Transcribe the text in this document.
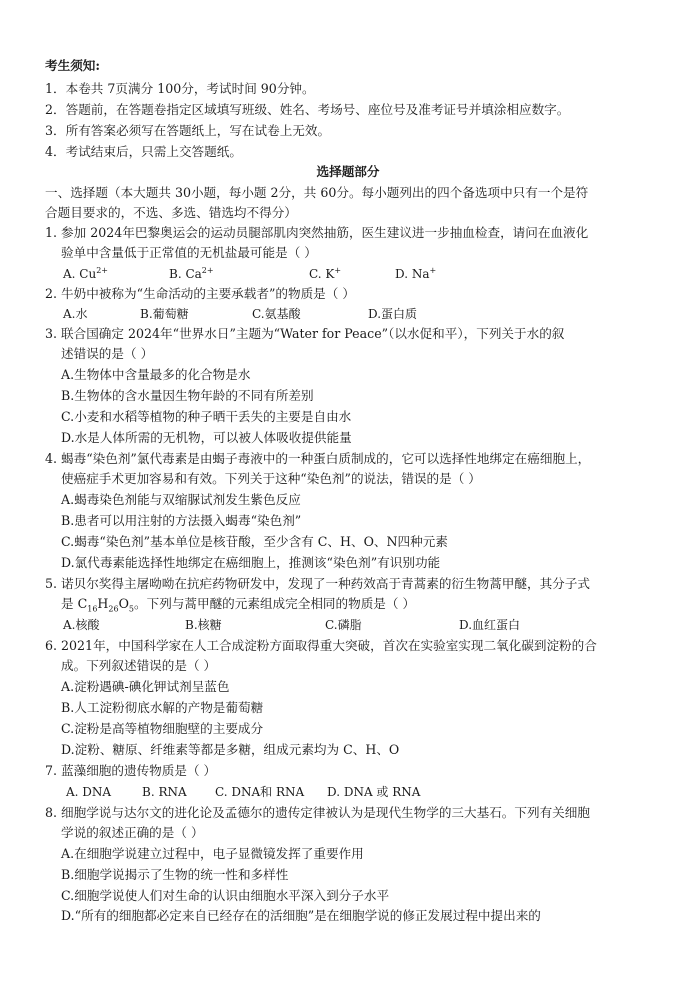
考生须知:
1．本卷共 7页满分 100分，考试时间 90分钟。
2．答题前，在答题卷指定区域填写班级、姓名、考场号、座位号及准考证号并填涂相应数字。
3．所有答案必须写在答题纸上，写在试卷上无效。
4．考试结束后，只需上交答题纸。
选择题部分
一、选择题（本大题共 30小题，每小题 2分，共 60分。每小题列出的四个备选项中只有一个是符
合题目要求的，不选、多选、错选均不得分）
1. 参加 2024年巴黎奥运会的运动员腿部肌肉突然抽筋，医生建议进一步抽血检查，请问在血液化
验单中含量低于正常值的无机盐最可能是（ ）
A. $Cu^{2+}$	B. $Ca^{2+}$	C. K+	D. Na+
2. 牛奶中被称为“生命活动的主要承载者”的物质是（ ）
A.水	B.葡萄糖	C.氨基酸	D.蛋白质
3. 联合国确定 2024年“世界水日”主题为“Water for Peace”（以水促和平），下列关于水的叙
述错误的是（ ）
A.生物体中含量最多的化合物是水
B.生物体的含水量因生物年龄的不同有所差别
C.小麦和水稻等植物的种子晒干丢失的主要是自由水
D.水是人体所需的无机物，可以被人体吸收提供能量
4. 蝎毒“染色剂”氯代毒素是由蝎子毒液中的一种蛋白质制成的，它可以选择性地绑定在癌细胞上，
使癌症手术更加容易和有效。下列关于这种“染色剂”的说法，错误的是（ ）
A.蝎毒染色剂能与双缩脲试剂发生紫色反应
B.患者可以用注射的方法摄入蝎毒“染色剂”
C.蝎毒“染色剂”基本单位是核苷酸，至少含有 C、H、O、N四种元素
D.氯代毒素能选择性地绑定在癌细胞上，推测该“染色剂”有识别功能
5. 诺贝尔奖得主屠呦呦在抗疟药物研发中，发现了一种药效高于青蒿素的衍生物蒿甲醚，其分子式
是 $C_{16}H_{26}O_5$。下列与蒿甲醚的元素组成完全相同的物质是（ ）
A.核酸	B.核糖	C.磷脂	D.血红蛋白
6. 2021年，中国科学家在人工合成淀粉方面取得重大突破，首次在实验室实现二氧化碳到淀粉的合
成。下列叙述错误的是（ ）
A.淀粉遇碘-碘化钾试剂呈蓝色
B.人工淀粉彻底水解的产物是葡萄糖
C.淀粉是高等植物细胞壁的主要成分
D.淀粉、糖原、纤维素等都是多糖，组成元素均为 C、H、O
7. 蓝藻细胞的遗传物质是（ ）
A. DNA	B. RNA C. DNA和 RNA D. DNA 或 RNA
8. 细胞学说与达尔文的进化论及孟德尔的遗传定律被认为是现代生物学的三大基石。下列有关细胞
学说的叙述正确的是（ ）
A.在细胞学说建立过程中，电子显微镜发挥了重要作用
B.细胞学说揭示了生物的统一性和多样性
C.细胞学说使人们对生命的认识由细胞水平深入到分子水平
D.“所有的细胞都必定来自已经存在的活细胞”是在细胞学说的修正发展过程中提出来的
